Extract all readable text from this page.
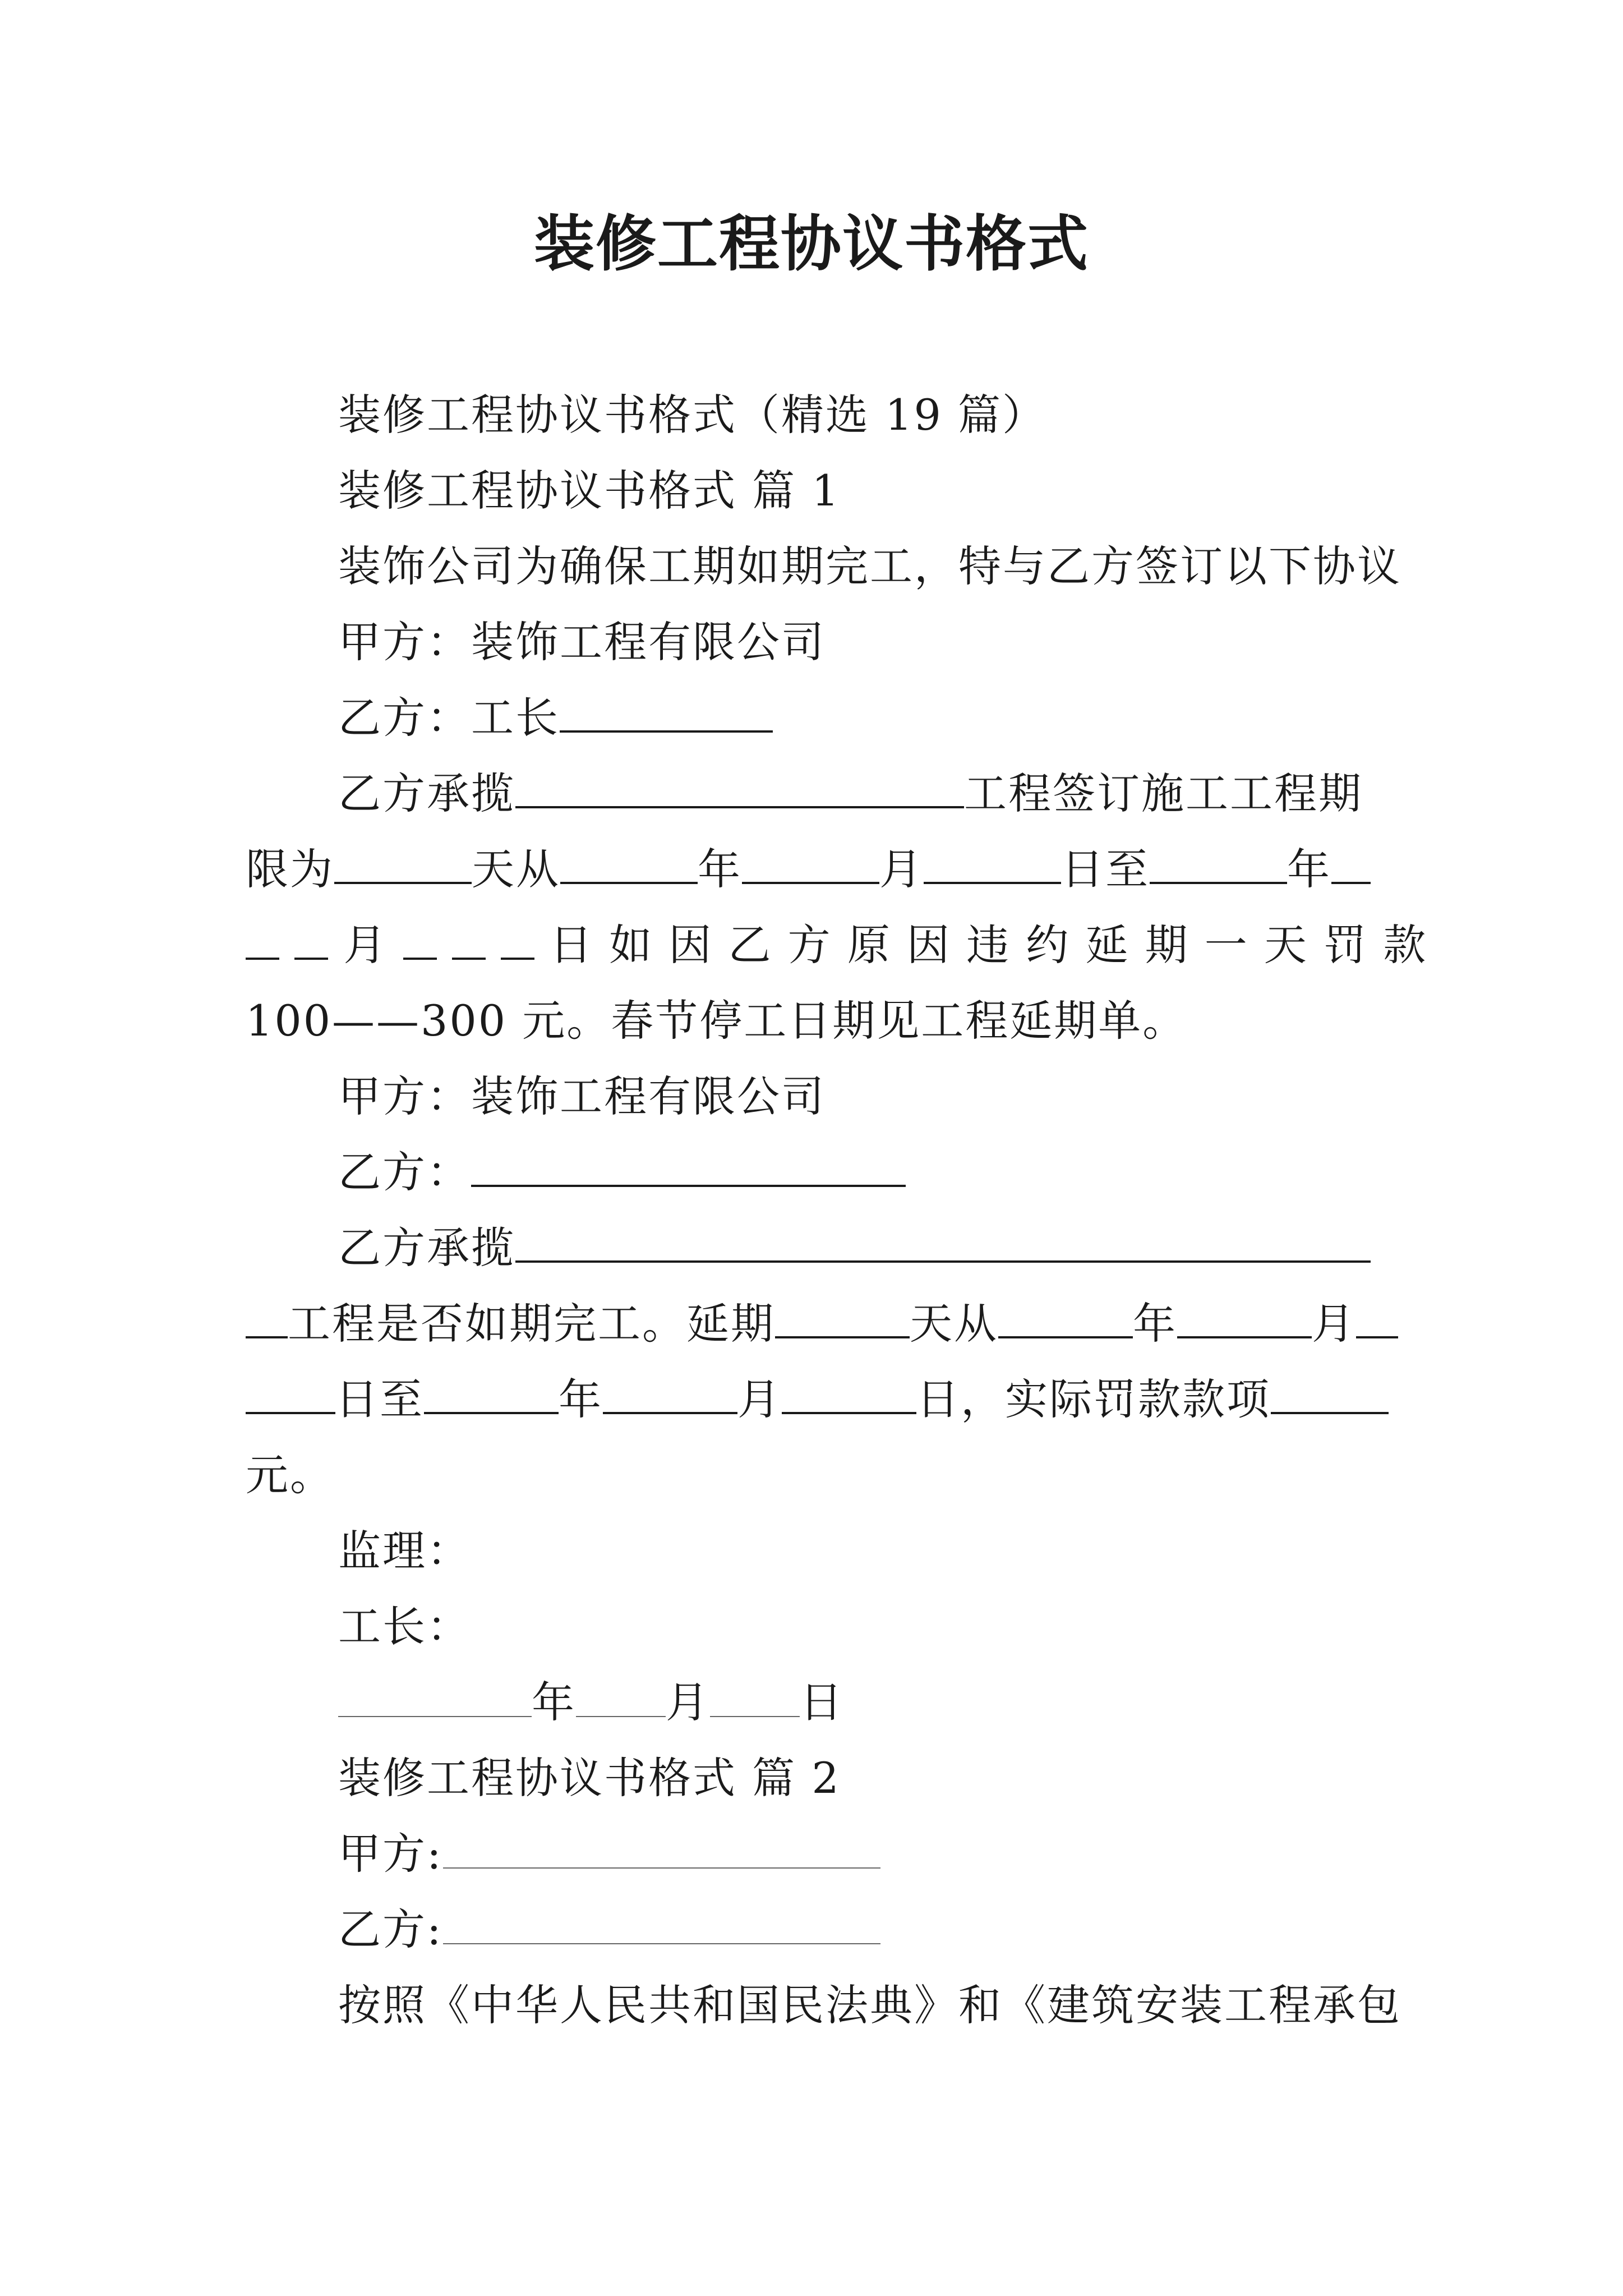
装修工程协议书格式
装修工程协议书格式（精选 19 篇）
装修工程协议书格式 篇 1
装饰公司为确保工期如期完工，特与乙方签订以下协议
甲方：装饰工程有限公司
乙方：工长
乙方承揽	工程签订施工工程期
限为	天从	年	月	日至	年
月	日 如 因 乙 方 原 因 违 约 延 期 一 天 罚 款
100——300 元。春节停工日期见工程延期单。
甲方：装饰工程有限公司
乙方：
乙方承揽
工程是否如期完工。延期	天从	年	月
日至	年	月	日，实际罚款款项
元。
监理：
工长：
年 月 日
装修工程协议书格式 篇 2
甲方:
乙方:
按照《中华人民共和国民法典》和《建筑安装工程承包
